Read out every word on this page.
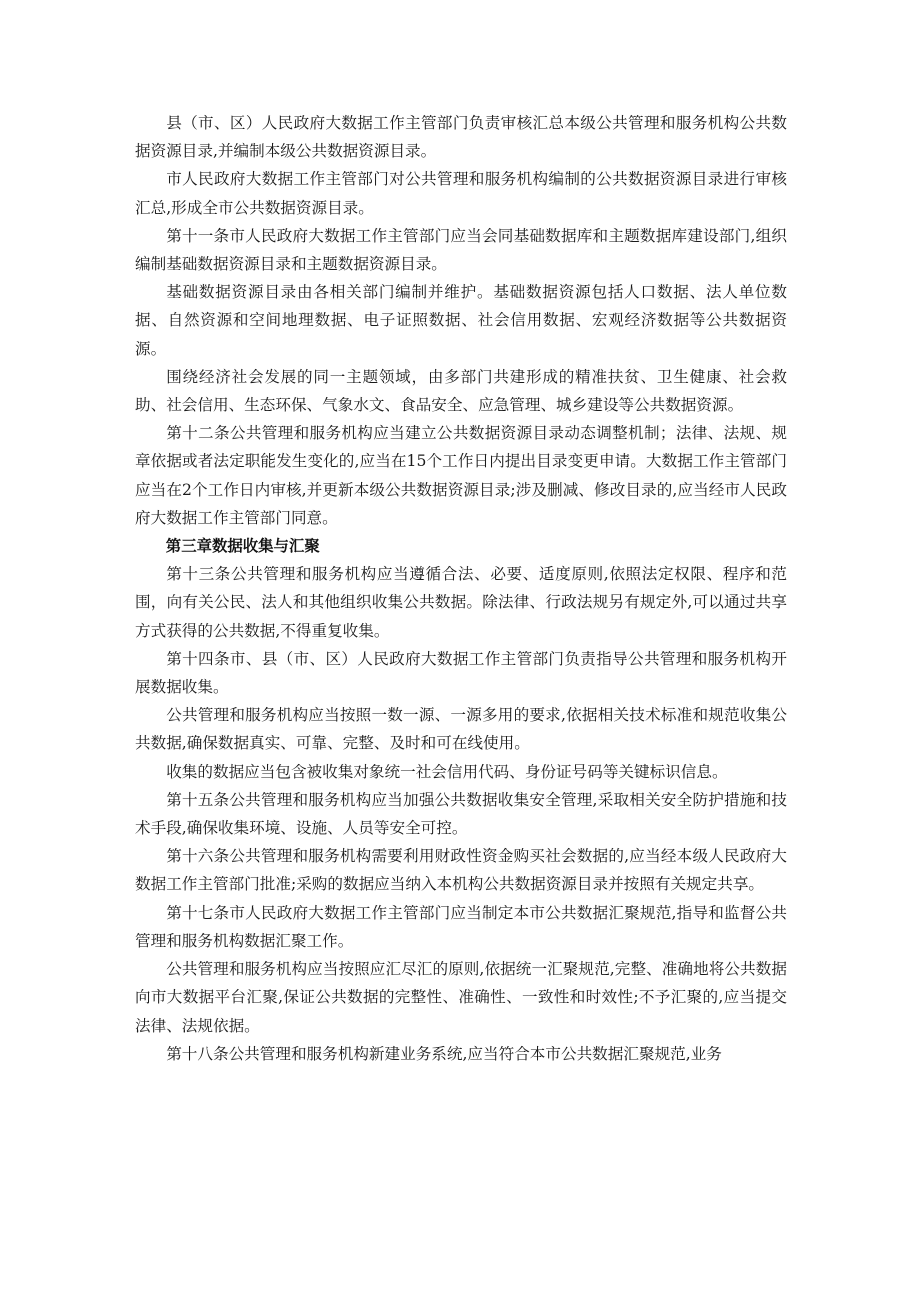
县（市、区）人民政府大数据工作主管部门负责审核汇总本级公共管理和服务机构公共数据资源目录,并编制本级公共数据资源目录。

市人民政府大数据工作主管部门对公共管理和服务机构编制的公共数据资源目录进行审核汇总,形成全市公共数据资源目录。

第十一条市人民政府大数据工作主管部门应当会同基础数据库和主题数据库建设部门,组织编制基础数据资源目录和主题数据资源目录。

基础数据资源目录由各相关部门编制并维护。基础数据资源包括人口数据、法人单位数据、自然资源和空间地理数据、电子证照数据、社会信用数据、宏观经济数据等公共数据资源。

围绕经济社会发展的同一主题领域，由多部门共建形成的精准扶贫、卫生健康、社会救助、社会信用、生态环保、气象水文、食品安全、应急管理、城乡建设等公共数据资源。

第十二条公共管理和服务机构应当建立公共数据资源目录动态调整机制；法律、法规、规章依据或者法定职能发生变化的,应当在15个工作日内提出目录变更申请。大数据工作主管部门应当在2个工作日内审核,并更新本级公共数据资源目录;涉及删减、修改目录的,应当经市人民政府大数据工作主管部门同意。

第三章数据收集与汇聚

第十三条公共管理和服务机构应当遵循合法、必要、适度原则,依照法定权限、程序和范围，向有关公民、法人和其他组织收集公共数据。除法律、行政法规另有规定外,可以通过共享方式获得的公共数据,不得重复收集。

第十四条市、县（市、区）人民政府大数据工作主管部门负责指导公共管理和服务机构开展数据收集。

公共管理和服务机构应当按照一数一源、一源多用的要求,依据相关技术标准和规范收集公共数据,确保数据真实、可靠、完整、及时和可在线使用。

收集的数据应当包含被收集对象统一社会信用代码、身份证号码等关键标识信息。

第十五条公共管理和服务机构应当加强公共数据收集安全管理,采取相关安全防护措施和技术手段,确保收集环境、设施、人员等安全可控。

第十六条公共管理和服务机构需要利用财政性资金购买社会数据的,应当经本级人民政府大数据工作主管部门批准;采购的数据应当纳入本机构公共数据资源目录并按照有关规定共享。

第十七条市人民政府大数据工作主管部门应当制定本市公共数据汇聚规范,指导和监督公共管理和服务机构数据汇聚工作。

公共管理和服务机构应当按照应汇尽汇的原则,依据统一汇聚规范,完整、准确地将公共数据向市大数据平台汇聚,保证公共数据的完整性、准确性、一致性和时效性;不予汇聚的,应当提交法律、法规依据。

第十八条公共管理和服务机构新建业务系统,应当符合本市公共数据汇聚规范,业务
